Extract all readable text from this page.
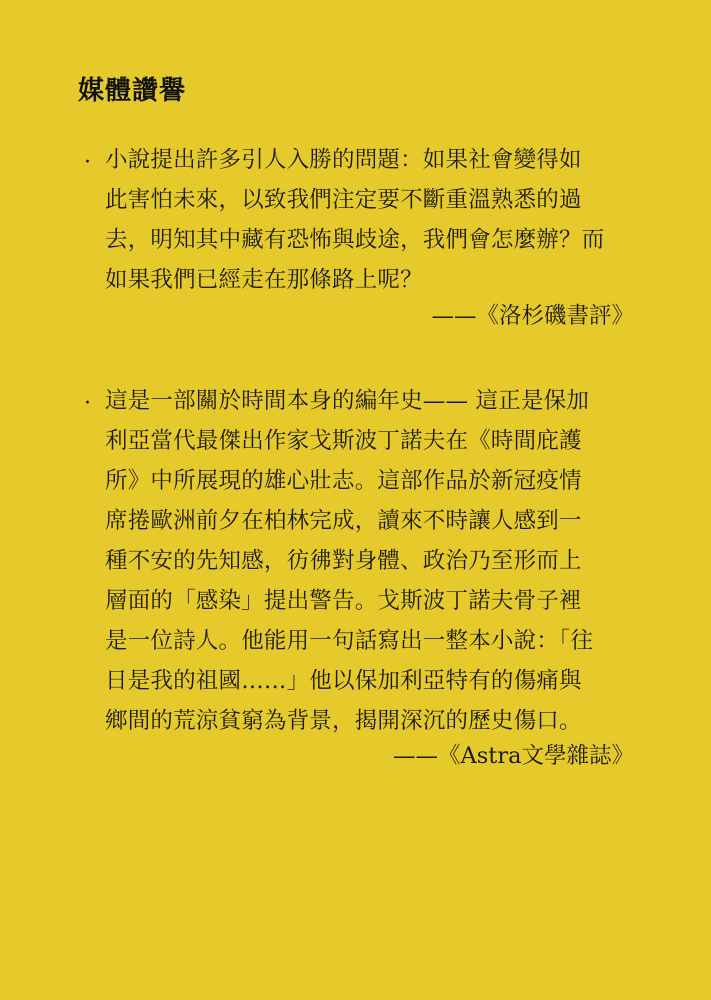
媒體讚譽
· 小說提出許多引人入勝的問題：如果社會變得如
此害怕未來，以致我們注定要不斷重溫熟悉的過
去，明知其中藏有恐怖與歧途，我們會怎麼辦？而
如果我們已經走在那條路上呢？

——《洛杉磯書評》

· 這是一部關於時間本身的編年史—— 這正是保加
利亞當代最傑出作家戈斯波丁諾夫在《時間庇護
所》中所展現的雄心壯志。這部作品於新冠疫情
席捲歐洲前夕在柏林完成，讀來不時讓人感到一
種不安的先知感，彷彿對身體、政治乃至形而上
層面的「感染」提出警告。戈斯波丁諾夫骨子裡
是一位詩人。他能用一句話寫出一整本小說：「往
日是我的祖國……」他以保加利亞特有的傷痛與
鄉間的荒涼貧窮為背景，揭開深沉的歷史傷口。

——《Astra文學雜誌》
